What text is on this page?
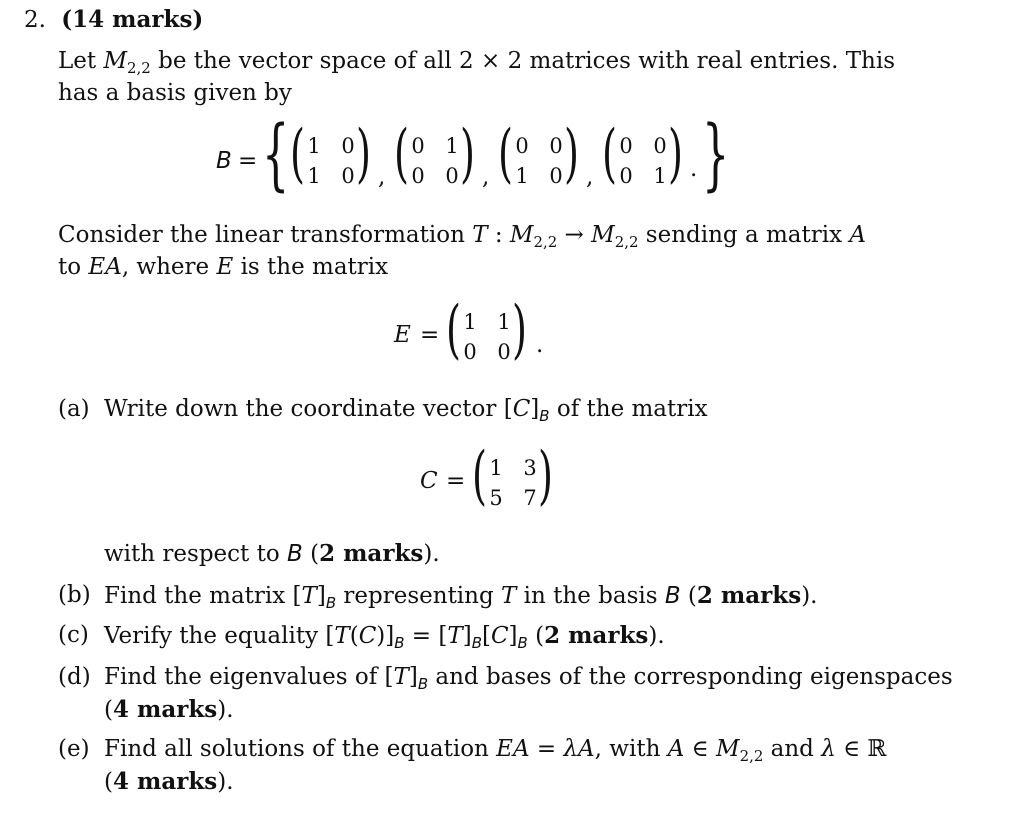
2. (14 marks)
Let $M_{2,2}$ be the vector space of all 2 × 2 matrices with real entries. This
has a basis given by
B = { ( 1 0
1 0 ) , ( 0 1
0 0 ) , ( 0 0
1 0 ) , ( 0 0
0 1 ) . }
Consider the linear transformation T : $M_{2,2} \to M_{2,2}$ sending a matrix A
to EA, where E is the matrix
E = ( 1 1
0 0 ) .
(a) Write down the coordinate vector $[C]_B$ of the matrix
C = ( 1 3
5 7 )
with respect to B (2 marks).
(b) Find the matrix $[T]_B$ representing T in the basis B (2 marks).
(c) Verify the equality $[T(C)]_B = [T]_B[C]_B$ (2 marks).
(d) Find the eigenvalues of $[T]_B$ and bases of the corresponding eigenspaces
(4 marks).
(e) Find all solutions of the equation EA = λA, with A ∈ $M_{2,2}$ and λ ∈ ℝ
(4 marks).
